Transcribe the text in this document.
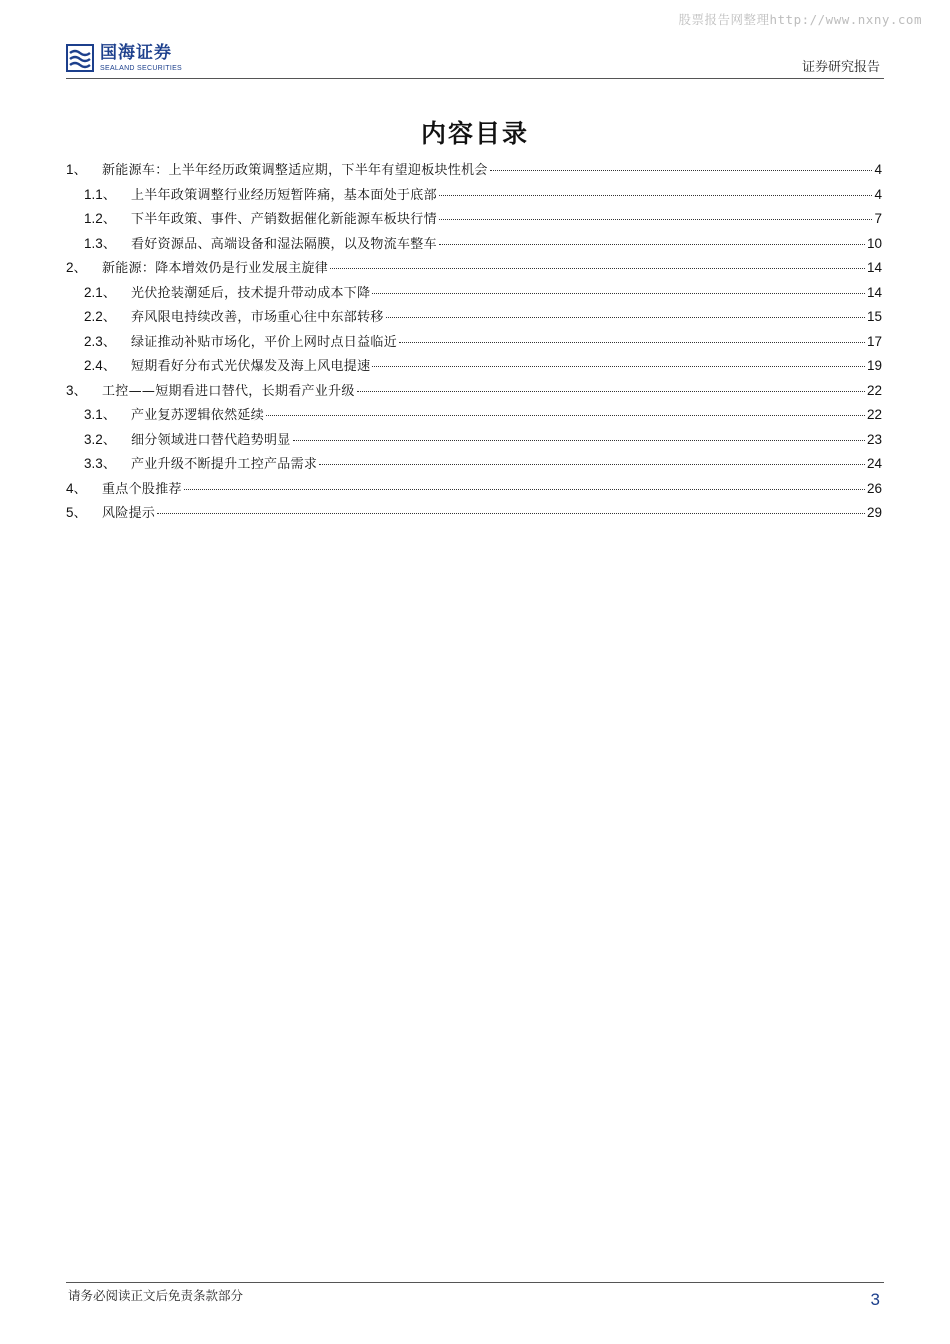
股票报告网整理http://www.nxny.com
国海证券
SEALAND SECURITIES	证券研究报告
内容目录
1、	新能源车：上半年经历政策调整适应期，下半年有望迎板块性机会	4
1.1、	上半年政策调整行业经历短暂阵痛，基本面处于底部	4
1.2、	下半年政策、事件、产销数据催化新能源车板块行情	7
1.3、	看好资源品、高端设备和湿法隔膜，以及物流车整车	10
2、	新能源：降本增效仍是行业发展主旋律	14
2.1、	光伏抢装潮延后，技术提升带动成本下降	14
2.2、	弃风限电持续改善，市场重心往中东部转移	15
2.3、	绿证推动补贴市场化，平价上网时点日益临近	17
2.4、	短期看好分布式光伏爆发及海上风电提速	19
3、	工控——短期看进口替代，长期看产业升级	22
3.1、	产业复苏逻辑依然延续	22
3.2、	细分领域进口替代趋势明显	23
3.3、	产业升级不断提升工控产品需求	24
4、	重点个股推荐	26
5、	风险提示	29
请务必阅读正文后免责条款部分	3
